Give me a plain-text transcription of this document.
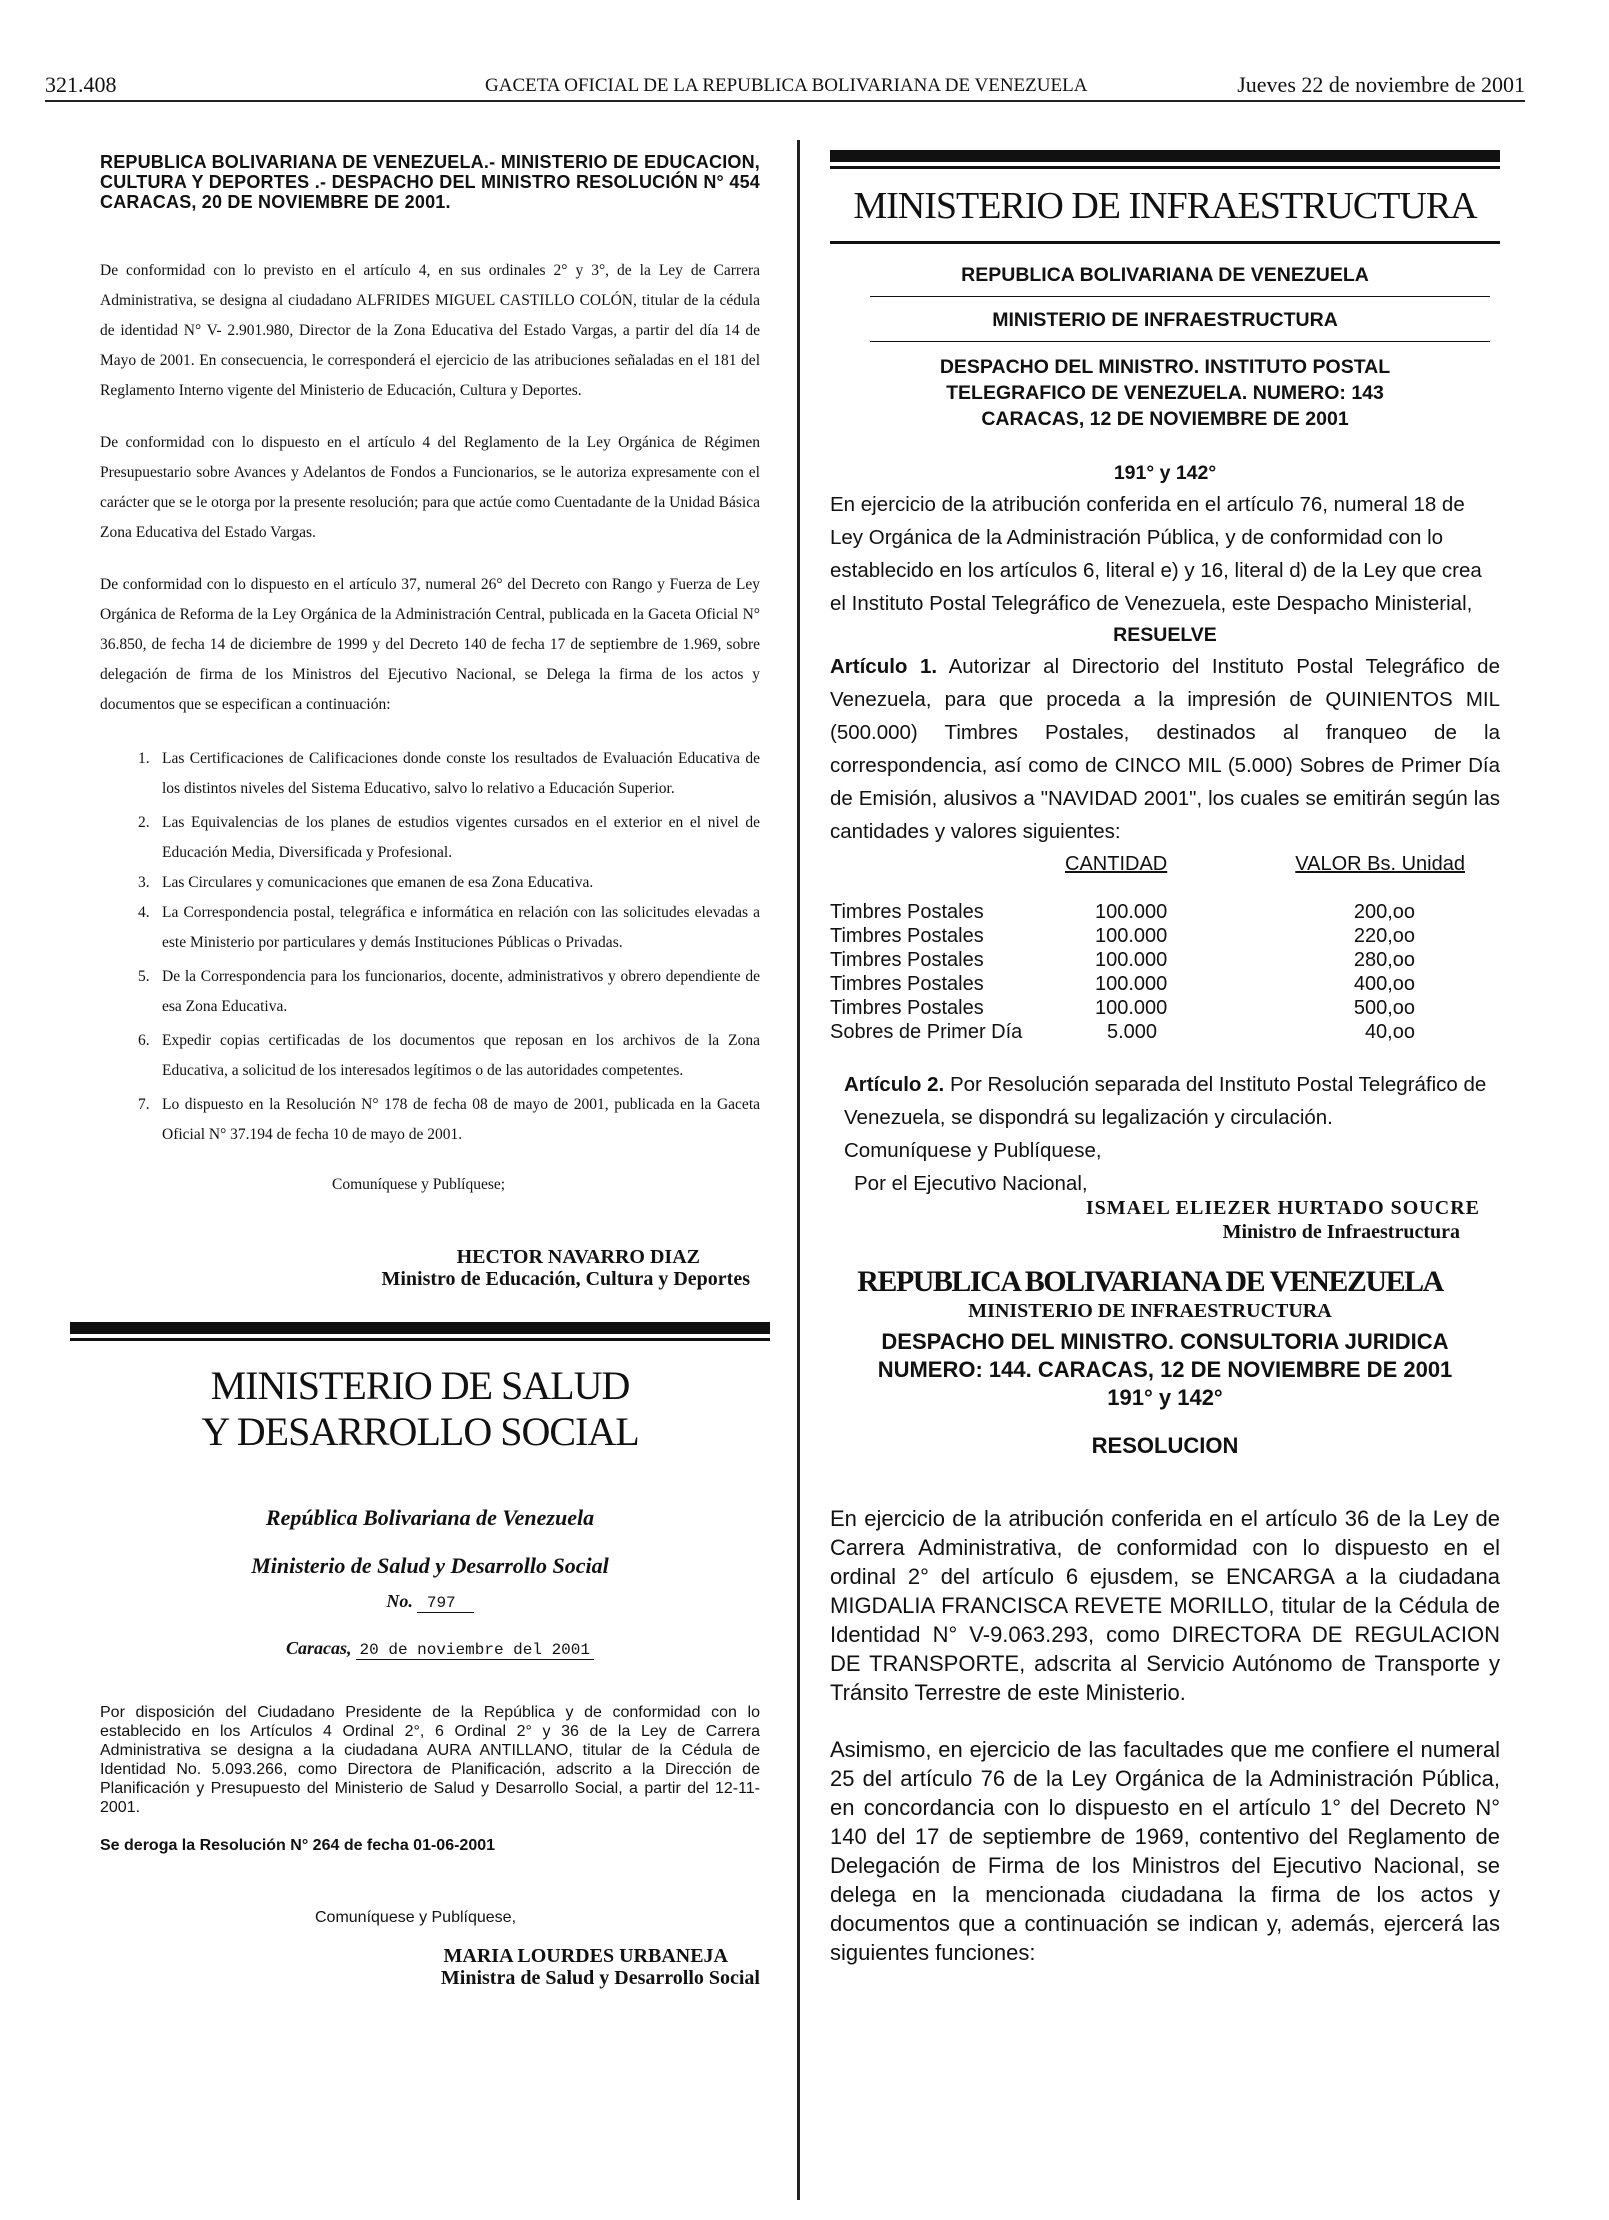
321.408	GACETA OFICIAL DE LA REPUBLICA BOLIVARIANA DE VENEZUELA	Jueves 22 de noviembre de 2001
REPUBLICA BOLIVARIANA DE VENEZUELA.- MINISTERIO DE EDUCACION, CULTURA Y DEPORTES .- DESPACHO DEL MINISTRO RESOLUCIÓN N° 454 CARACAS, 20 DE NOVIEMBRE DE 2001.

De conformidad con lo previsto en el artículo 4, en sus ordinales 2° y 3°, de la Ley de Carrera Administrativa, se designa al ciudadano ALFRIDES MIGUEL CASTILLO COLÓN, titular de la cédula de identidad N° V- 2.901.980, Director de la Zona Educativa del Estado Vargas, a partir del día 14 de Mayo de 2001. En consecuencia, le corresponderá el ejercicio de las atribuciones señaladas en el 181 del Reglamento Interno vigente del Ministerio de Educación, Cultura y Deportes.

De conformidad con lo dispuesto en el artículo 4 del Reglamento de la Ley Orgánica de Régimen Presupuestario sobre Avances y Adelantos de Fondos a Funcionarios, se le autoriza expresamente con el carácter que se le otorga por la presente resolución; para que actúe como Cuentadante de la Unidad Básica Zona Educativa del Estado Vargas.

De conformidad con lo dispuesto en el artículo 37, numeral 26° del Decreto con Rango y Fuerza de Ley Orgánica de Reforma de la Ley Orgánica de la Administración Central, publicada en la Gaceta Oficial N° 36.850, de fecha 14 de diciembre de 1999 y del Decreto 140 de fecha 17 de septiembre de 1.969, sobre delegación de firma de los Ministros del Ejecutivo Nacional, se Delega la firma de los actos y documentos que se especifican a continuación:

1. Las Certificaciones de Calificaciones donde conste los resultados de Evaluación Educativa de los distintos niveles del Sistema Educativo, salvo lo relativo a Educación Superior.

2. Las Equivalencias de los planes de estudios vigentes cursados en el exterior en el nivel de Educación Media, Diversificada y Profesional.

3. Las Circulares y comunicaciones que emanen de esa Zona Educativa.

4. La Correspondencia postal, telegráfica e informática en relación con las solicitudes elevadas a este Ministerio por particulares y demás Instituciones Públicas o Privadas.

5. De la Correspondencia para los funcionarios, docente, administrativos y obrero dependiente de esa Zona Educativa.

6. Expedir copias certificadas de los documentos que reposan en los archivos de la Zona Educativa, a solicitud de los interesados legítimos o de las autoridades competentes.

7. Lo dispuesto en la Resolución N° 178 de fecha 08 de mayo de 2001, publicada en la Gaceta Oficial N° 37.194 de fecha 10 de mayo de 2001.

Comuníquese y Publíquese;
HECTOR NAVARRO DIAZ
Ministro de Educación, Cultura y Deportes
MINISTERIO DE SALUD
Y DESARROLLO SOCIAL
República Bolivariana de Venezuela
Ministerio de Salud y Desarrollo Social
No. 797
Caracas, 20 de noviembre del 2001

Por disposición del Ciudadano Presidente de la República y de conformidad con lo establecido en los Artículos 4 Ordinal 2°, 6 Ordinal 2° y 36 de la Ley de Carrera Administrativa se designa a la ciudadana AURA ANTILLANO, titular de la Cédula de Identidad No. 5.093.266, como Directora de Planificación, adscrito a la Dirección de Planificación y Presupuesto del Ministerio de Salud y Desarrollo Social, a partir del 12-11-2001.

Se deroga la Resolución N° 264 de fecha 01-06-2001

Comuníquese y Publíquese,
MARIA LOURDES URBANEJA
Ministra de Salud y Desarrollo Social
MINISTERIO DE INFRAESTRUCTURA
REPUBLICA BOLIVARIANA DE VENEZUELA
MINISTERIO DE INFRAESTRUCTURA
DESPACHO DEL MINISTRO. INSTITUTO POSTAL
TELEGRAFICO DE VENEZUELA. NUMERO: 143
CARACAS, 12 DE NOVIEMBRE DE 2001
191° y 142°

En ejercicio de la atribución conferida en el artículo 76, numeral 18 de Ley Orgánica de la Administración Pública, y de conformidad con lo establecido en los artículos 6, literal e) y 16, literal d) de la Ley que crea el Instituto Postal Telegráfico de Venezuela, este Despacho Ministerial,

RESUELVE

Artículo 1. Autorizar al Directorio del Instituto Postal Telegráfico de Venezuela, para que proceda a la impresión de QUINIENTOS MIL (500.000) Timbres Postales, destinados al franqueo de la correspondencia, así como de CINCO MIL (5.000) Sobres de Primer Día de Emisión, alusivos a "NAVIDAD 2001", los cuales se emitirán según las cantidades y valores siguientes:

	CANTIDAD	VALOR Bs. Unidad

Timbres Postales	100.000	200,oo
Timbres Postales	100.000	220,oo
Timbres Postales	100.000	280,oo
Timbres Postales	100.000	400,oo
Timbres Postales	100.000	500,oo
Sobres de Primer Día	5.000	40,oo

Artículo 2. Por Resolución separada del Instituto Postal Telegráfico de Venezuela, se dispondrá su legalización y circulación.

Comuníquese y Publíquese,
Por el Ejecutivo Nacional,
ISMAEL ELIEZER HURTADO SOUCRE
Ministro de Infraestructura
REPUBLICA BOLIVARIANA DE VENEZUELA
MINISTERIO DE INFRAESTRUCTURA
DESPACHO DEL MINISTRO. CONSULTORIA JURIDICA
NUMERO: 144. CARACAS, 12 DE NOVIEMBRE DE 2001
191° y 142°
RESOLUCION

En ejercicio de la atribución conferida en el artículo 36 de la Ley de Carrera Administrativa, de conformidad con lo dispuesto en el ordinal 2° del artículo 6 ejusdem, se ENCARGA a la ciudadana MIGDALIA FRANCISCA REVETE MORILLO, titular de la Cédula de Identidad N° V-9.063.293, como DIRECTORA DE REGULACION DE TRANSPORTE, adscrita al Servicio Autónomo de Transporte y Tránsito Terrestre de este Ministerio.

Asimismo, en ejercicio de las facultades que me confiere el numeral 25 del artículo 76 de la Ley Orgánica de la Administración Pública, en concordancia con lo dispuesto en el artículo 1° del Decreto N° 140 del 17 de septiembre de 1969, contentivo del Reglamento de Delegación de Firma de los Ministros del Ejecutivo Nacional, se delega en la mencionada ciudadana la firma de los actos y documentos que a continuación se indican y, además, ejercerá las siguientes funciones:
